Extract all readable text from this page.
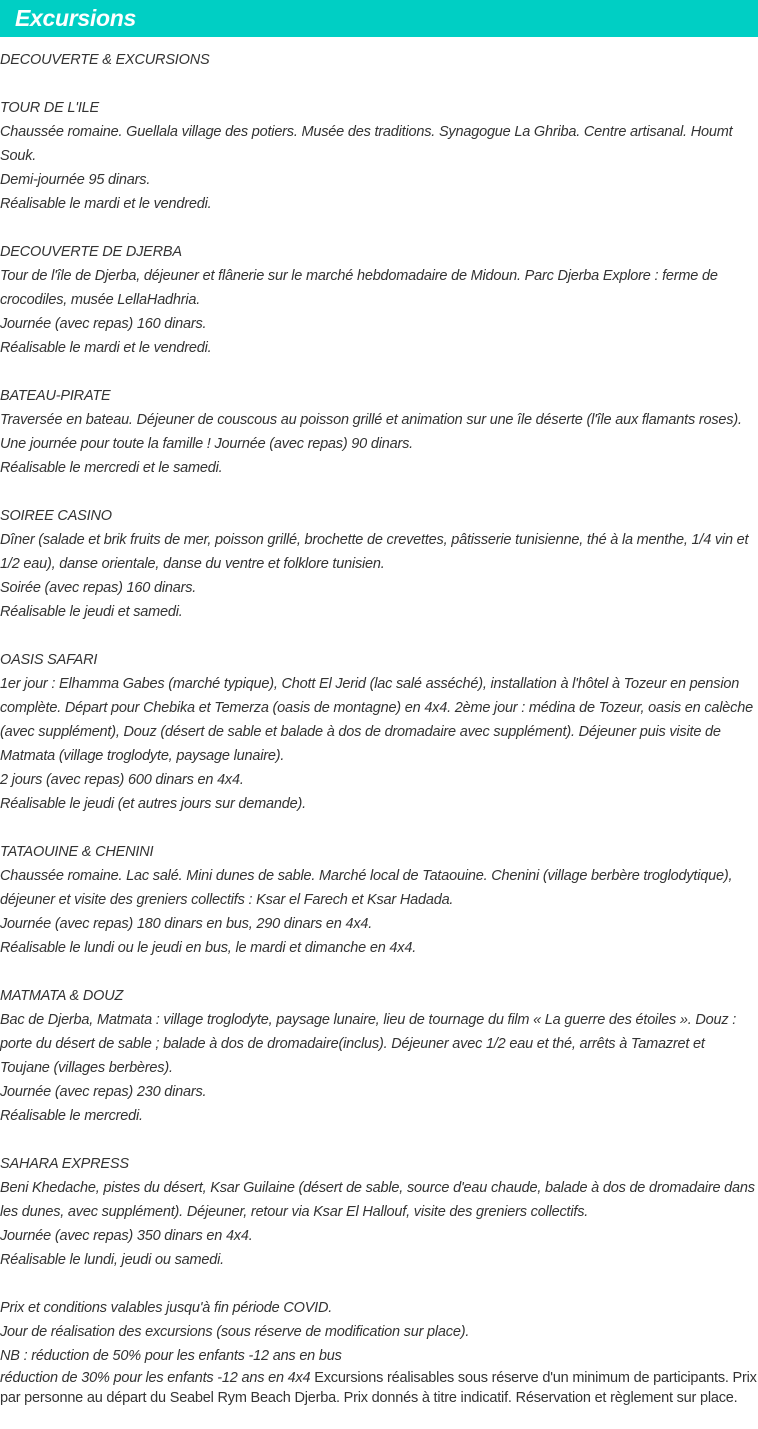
Excursions

DECOUVERTE & EXCURSIONS

TOUR DE L'ILE

Chaussée romaine. Guellala village des potiers. Musée des traditions. Synagogue La Ghriba. Centre artisanal. Houmt Souk.

Demi-journée 95 dinars.

Réalisable le mardi et le vendredi.

DECOUVERTE DE DJERBA

Tour de l'île de Djerba, déjeuner et flânerie sur le marché hebdomadaire de Midoun. Parc Djerba Explore : ferme de crocodiles, musée LellaHadhria.

Journée (avec repas) 160 dinars.

Réalisable le mardi et le vendredi.

BATEAU-PIRATE

Traversée en bateau. Déjeuner de couscous au poisson grillé et animation sur une île déserte (l'île aux flamants roses). Une journée pour toute la famille ! Journée (avec repas) 90 dinars.

Réalisable le mercredi et le samedi.

SOIREE CASINO

Dîner (salade et brik fruits de mer, poisson grillé, brochette de crevettes, pâtisserie tunisienne, thé à la menthe, 1/4 vin et 1/2 eau), danse orientale, danse du ventre et folklore tunisien.

Soirée (avec repas) 160 dinars.

Réalisable le jeudi et samedi.

OASIS SAFARI

1er jour : Elhamma Gabes (marché typique), Chott El Jerid (lac salé asséché), installation à l'hôtel à Tozeur en pension complète. Départ pour Chebika et Temerza (oasis de montagne) en 4x4. 2ème jour : médina de Tozeur, oasis en calèche (avec supplément), Douz (désert de sable et balade à dos de dromadaire avec supplément). Déjeuner puis visite de Matmata (village troglodyte, paysage lunaire).

2 jours (avec repas) 600 dinars en 4x4.

Réalisable le jeudi (et autres jours sur demande).

TATAOUINE & CHENINI

Chaussée romaine. Lac salé. Mini dunes de sable. Marché local de Tataouine. Chenini (village berbère troglodytique), déjeuner et visite des greniers collectifs : Ksar el Farech et Ksar Hadada.

Journée (avec repas) 180 dinars en bus, 290 dinars en 4x4.

Réalisable le lundi ou le jeudi en bus, le mardi et dimanche en 4x4.

MATMATA & DOUZ

Bac de Djerba, Matmata : village troglodyte, paysage lunaire, lieu de tournage du film « La guerre des étoiles ». Douz : porte du désert de sable ; balade à dos de dromadaire(inclus). Déjeuner avec 1/2 eau et thé, arrêts à Tamazret et Toujane (villages berbères).

Journée (avec repas) 230 dinars.

Réalisable le mercredi.

SAHARA EXPRESS

Beni Khedache, pistes du désert, Ksar Guilaine (désert de sable, source d'eau chaude, balade à dos de dromadaire dans les dunes, avec supplément). Déjeuner, retour via Ksar El Hallouf, visite des greniers collectifs.

Journée (avec repas) 350 dinars en 4x4.

Réalisable le lundi, jeudi ou samedi.

Prix et conditions valables jusqu'à fin période COVID.

Jour de réalisation des excursions (sous réserve de modification sur place).

NB : réduction de 50% pour les enfants -12 ans en bus

réduction de 30% pour les enfants -12 ans en 4x4 Excursions réalisables sous réserve d'un minimum de participants. Prix par personne au départ du Seabel Rym Beach Djerba. Prix donnés à titre indicatif. Réservation et règlement sur place.
